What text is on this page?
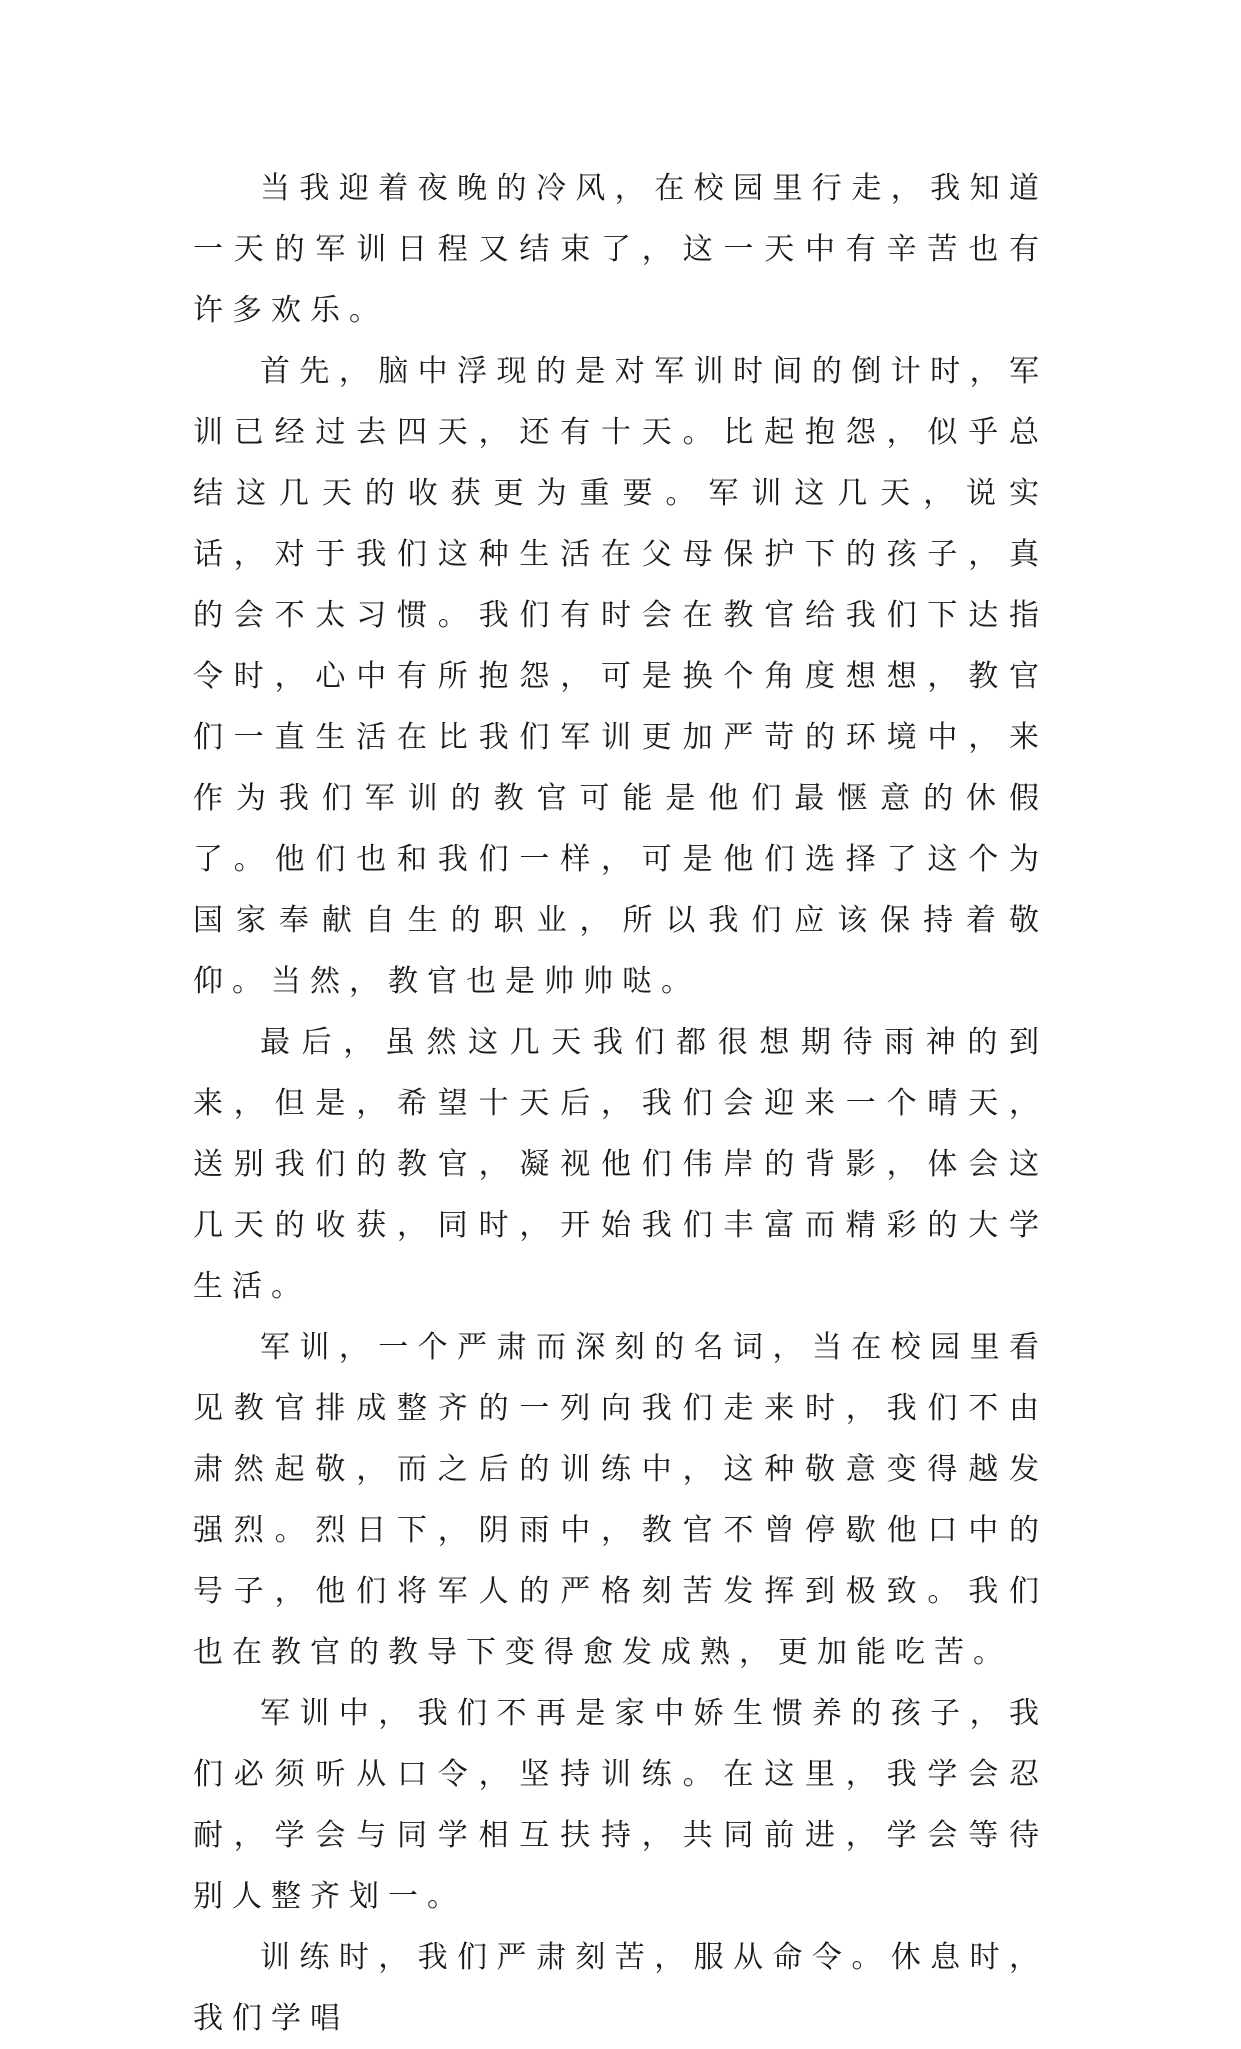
当我迎着夜晚的冷风，在校园里行走，我知道一天的军训日程又结束了，这一天中有辛苦也有许多欢乐。

首先，脑中浮现的是对军训时间的倒计时，军训已经过去四天，还有十天。比起抱怨，似乎总结这几天的收获更为重要。军训这几天，说实话，对于我们这种生活在父母保护下的孩子，真的会不太习惯。我们有时会在教官给我们下达指令时，心中有所抱怨，可是换个角度想想，教官们一直生活在比我们军训更加严苛的环境中，来作为我们军训的教官可能是他们最惬意的休假了。他们也和我们一样，可是他们选择了这个为国家奉献自生的职业，所以我们应该保持着敬仰。当然，教官也是帅帅哒。

最后，虽然这几天我们都很想期待雨神的到来，但是，希望十天后，我们会迎来一个晴天，送别我们的教官，凝视他们伟岸的背影，体会这几天的收获，同时，开始我们丰富而精彩的大学生活。

军训，一个严肃而深刻的名词，当在校园里看见教官排成整齐的一列向我们走来时，我们不由肃然起敬，而之后的训练中，这种敬意变得越发强烈。烈日下，阴雨中，教官不曾停歇他口中的号子，他们将军人的严格刻苦发挥到极致。我们也在教官的教导下变得愈发成熟，更加能吃苦。

军训中，我们不再是家中娇生惯养的孩子，我们必须听从口令，坚持训练。在这里，我学会忍耐，学会与同学相互扶持，共同前进，学会等待别人整齐划一。

训练时，我们严肃刻苦，服从命令。休息时，我们学唱
